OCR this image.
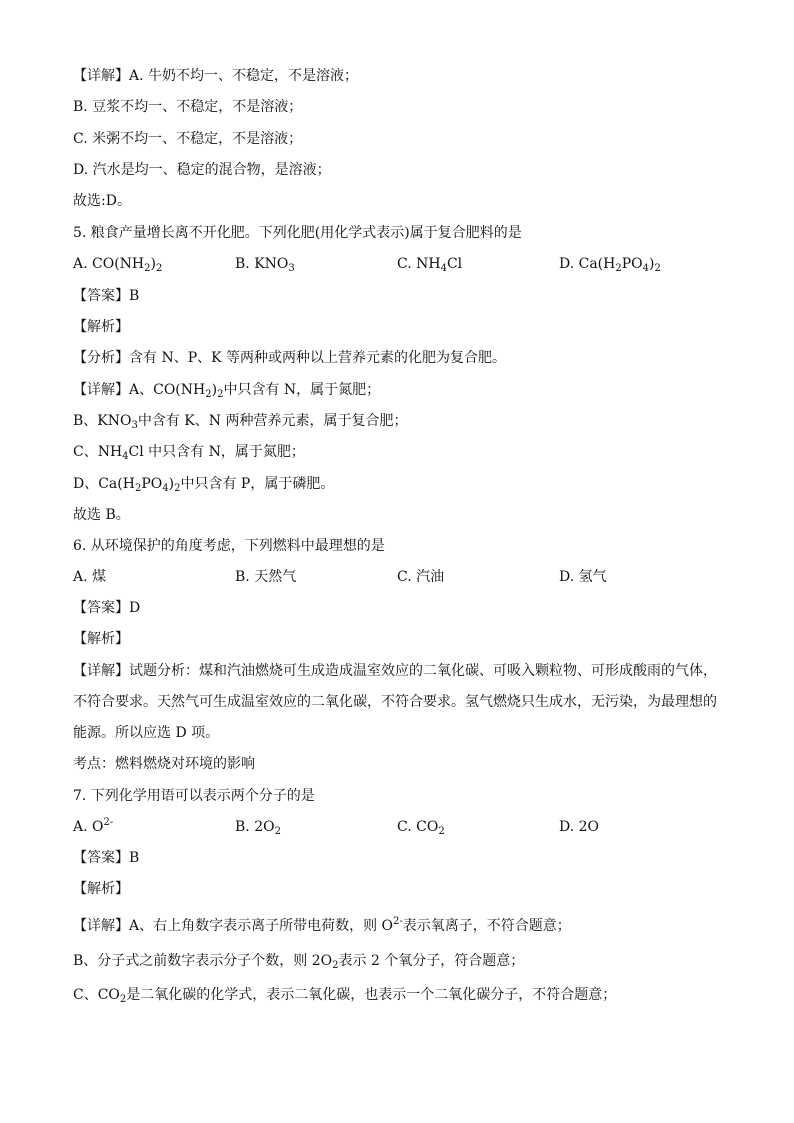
【详解】A. 牛奶不均一、不稳定，不是溶液；
B. 豆浆不均一、不稳定，不是溶液；
C. 米粥不均一、不稳定，不是溶液；
D. 汽水是均一、稳定的混合物，是溶液；
故选:D。
5. 粮食产量增长离不开化肥。下列化肥(用化学式表示)属于复合肥料的是
A. $CO(NH_2)_2$	B. $KNO_3$	C. $NH_4Cl$	D. $Ca(H_2PO_4)_2$
【答案】B
【解析】
【分析】含有 N、P、K 等两种或两种以上营养元素的化肥为复合肥。
【详解】A、$CO(NH_2)_2$中只含有 N，属于氮肥；
B、$KNO_3$中含有 K、N 两种营养元素，属于复合肥；
C、$NH_4Cl$ 中只含有 N，属于氮肥；
D、$Ca(H_2PO_4)_2$中只含有 P，属于磷肥。
故选 B。
6. 从环境保护的角度考虑，下列燃料中最理想的是
A. 煤	B. 天然气	C. 汽油	D. 氢气
【答案】D
【解析】
【详解】试题分析：煤和汽油燃烧可生成造成温室效应的二氧化碳、可吸入颗粒物、可形成酸雨的气体，
不符合要求。天然气可生成温室效应的二氧化碳，不符合要求。氢气燃烧只生成水，无污染，为最理想的
能源。所以应选 D 项。
考点：燃料燃烧对环境的影响
7. 下列化学用语可以表示两个分子的是
A. $O^{2-}$	B. $2O_2$	C. $CO_2$	D. 2O
【答案】B
【解析】
【详解】A、右上角数字表示离子所带电荷数，则 $O^{2-}$表示氧离子，不符合题意；
B、分子式之前数字表示分子个数，则 $2O_2$表示 2 个氧分子，符合题意；
C、$CO_2$是二氧化碳的化学式，表示二氧化碳，也表示一个二氧化碳分子，不符合题意；
